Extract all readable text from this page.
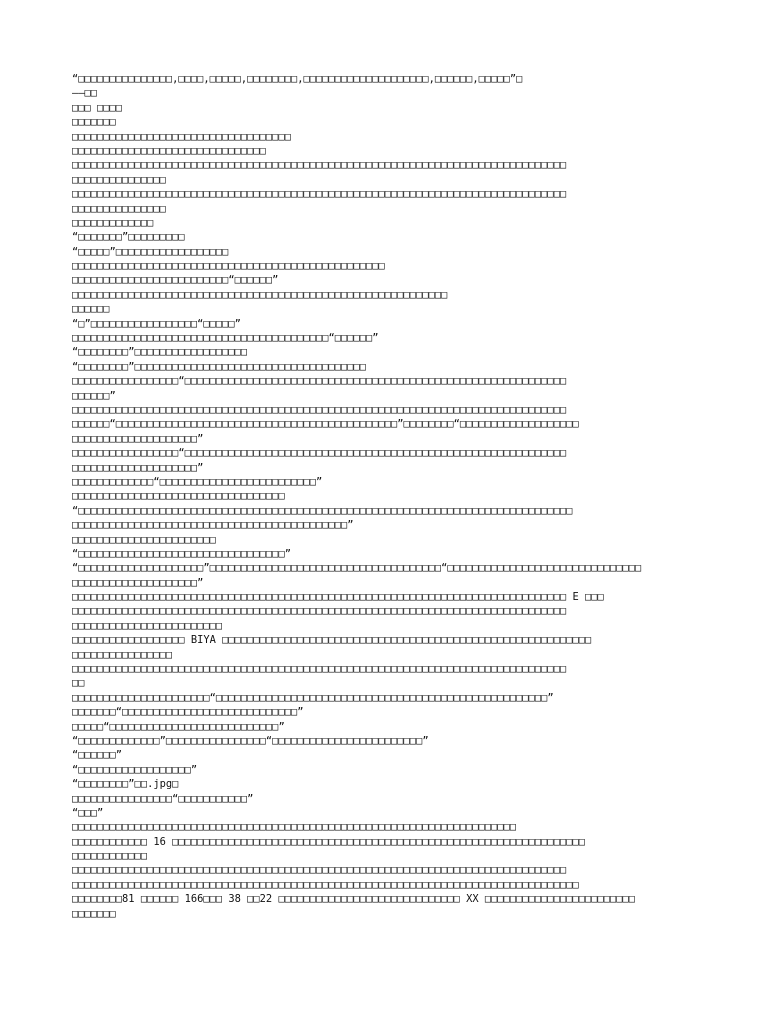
“□□□□□□□□□□□□□□□,□□□□,□□□□□,□□□□□□□□,□□□□□□□□□□□□□□□□□□□□,□□□□□□,□□□□□”□
——□□
□□□ □□□□
□□□□□□□
□□□□□□□□□□□□□□□□□□□□□□□□□□□□□□□□□□□
□□□□□□□□□□□□□□□□□□□□□□□□□□□□□□□
□□□□□□□□□□□□□□□□□□□□□□□□□□□□□□□□□□□□□□□□□□□□□□□□□□□□□□□□□□□□□□□□□□□□□□□□□□□□□□□
□□□□□□□□□□□□□□□
□□□□□□□□□□□□□□□□□□□□□□□□□□□□□□□□□□□□□□□□□□□□□□□□□□□□□□□□□□□□□□□□□□□□□□□□□□□□□□□
□□□□□□□□□□□□□□□
□□□□□□□□□□□□□
“□□□□□□□”□□□□□□□□□
“□□□□□”□□□□□□□□□□□□□□□□□□
□□□□□□□□□□□□□□□□□□□□□□□□□□□□□□□□□□□□□□□□□□□□□□□□□□
□□□□□□□□□□□□□□□□□□□□□□□□□“□□□□□□”
□□□□□□□□□□□□□□□□□□□□□□□□□□□□□□□□□□□□□□□□□□□□□□□□□□□□□□□□□□□□
□□□□□□
“□”□□□□□□□□□□□□□□□□□“□□□□□”
□□□□□□□□□□□□□□□□□□□□□□□□□□□□□□□□□□□□□□□□□“□□□□□□”
“□□□□□□□□”□□□□□□□□□□□□□□□□□□
“□□□□□□□□”□□□□□□□□□□□□□□□□□□□□□□□□□□□□□□□□□□□□□
□□□□□□□□□□□□□□□□□“□□□□□□□□□□□□□□□□□□□□□□□□□□□□□□□□□□□□□□□□□□□□□□□□□□□□□□□□□□□□□
□□□□□□”
□□□□□□□□□□□□□□□□□□□□□□□□□□□□□□□□□□□□□□□□□□□□□□□□□□□□□□□□□□□□□□□□□□□□□□□□□□□□□□□
□□□□□□“□□□□□□□□□□□□□□□□□□□□□□□□□□□□□□□□□□□□□□□□□□□□□”□□□□□□□□“□□□□□□□□□□□□□□□□□□□
□□□□□□□□□□□□□□□□□□□□”
□□□□□□□□□□□□□□□□□“□□□□□□□□□□□□□□□□□□□□□□□□□□□□□□□□□□□□□□□□□□□□□□□□□□□□□□□□□□□□□
□□□□□□□□□□□□□□□□□□□□”
□□□□□□□□□□□□□“□□□□□□□□□□□□□□□□□□□□□□□□□”
□□□□□□□□□□□□□□□□□□□□□□□□□□□□□□□□□□
“□□□□□□□□□□□□□□□□□□□□□□□□□□□□□□□□□□□□□□□□□□□□□□□□□□□□□□□□□□□□□□□□□□□□□□□□□□□□□□□
□□□□□□□□□□□□□□□□□□□□□□□□□□□□□□□□□□□□□□□□□□□□”
□□□□□□□□□□□□□□□□□□□□□□□
“□□□□□□□□□□□□□□□□□□□□□□□□□□□□□□□□□”
“□□□□□□□□□□□□□□□□□□□□”□□□□□□□□□□□□□□□□□□□□□□□□□□□□□□□□□□□□□“□□□□□□□□□□□□□□□□□□□□□□□□□□□□□□□
□□□□□□□□□□□□□□□□□□□□”
□□□□□□□□□□□□□□□□□□□□□□□□□□□□□□□□□□□□□□□□□□□□□□□□□□□□□□□□□□□□□□□□□□□□□□□□□□□□□□□ E □□□
□□□□□□□□□□□□□□□□□□□□□□□□□□□□□□□□□□□□□□□□□□□□□□□□□□□□□□□□□□□□□□□□□□□□□□□□□□□□□□□
□□□□□□□□□□□□□□□□□□□□□□□□
□□□□□□□□□□□□□□□□□□ BIYA □□□□□□□□□□□□□□□□□□□□□□□□□□□□□□□□□□□□□□□□□□□□□□□□□□□□□□□□□□□
□□□□□□□□□□□□□□□□
□□□□□□□□□□□□□□□□□□□□□□□□□□□□□□□□□□□□□□□□□□□□□□□□□□□□□□□□□□□□□□□□□□□□□□□□□□□□□□□
□□
□□□□□□□□□□□□□□□□□□□□□□“□□□□□□□□□□□□□□□□□□□□□□□□□□□□□□□□□□□□□□□□□□□□□□□□□□□□□”
□□□□□□□“□□□□□□□□□□□□□□□□□□□□□□□□□□□□”
□□□□□“□□□□□□□□□□□□□□□□□□□□□□□□□□□”
“□□□□□□□□□□□□□”□□□□□□□□□□□□□□□□“□□□□□□□□□□□□□□□□□□□□□□□□”
“□□□□□□”
“□□□□□□□□□□□□□□□□□□”
“□□□□□□□□”□□.jpg□
□□□□□□□□□□□□□□□□“□□□□□□□□□□□”
“□□□”
□□□□□□□□□□□□□□□□□□□□□□□□□□□□□□□□□□□□□□□□□□□□□□□□□□□□□□□□□□□□□□□□□□□□□□□
□□□□□□□□□□□□ 16 □□□□□□□□□□□□□□□□□□□□□□□□□□□□□□□□□□□□□□□□□□□□□□□□□□□□□□□□□□□□□□□□□□
□□□□□□□□□□□□
□□□□□□□□□□□□□□□□□□□□□□□□□□□□□□□□□□□□□□□□□□□□□□□□□□□□□□□□□□□□□□□□□□□□□□□□□□□□□□□
□□□□□□□□□□□□□□□□□□□□□□□□□□□□□□□□□□□□□□□□□□□□□□□□□□□□□□□□□□□□□□□□□□□□□□□□□□□□□□□□□
□□□□□□□□81 □□□□□□ 166□□□ 38 □□22 □□□□□□□□□□□□□□□□□□□□□□□□□□□□□ XX □□□□□□□□□□□□□□□□□□□□□□□□
□□□□□□□
